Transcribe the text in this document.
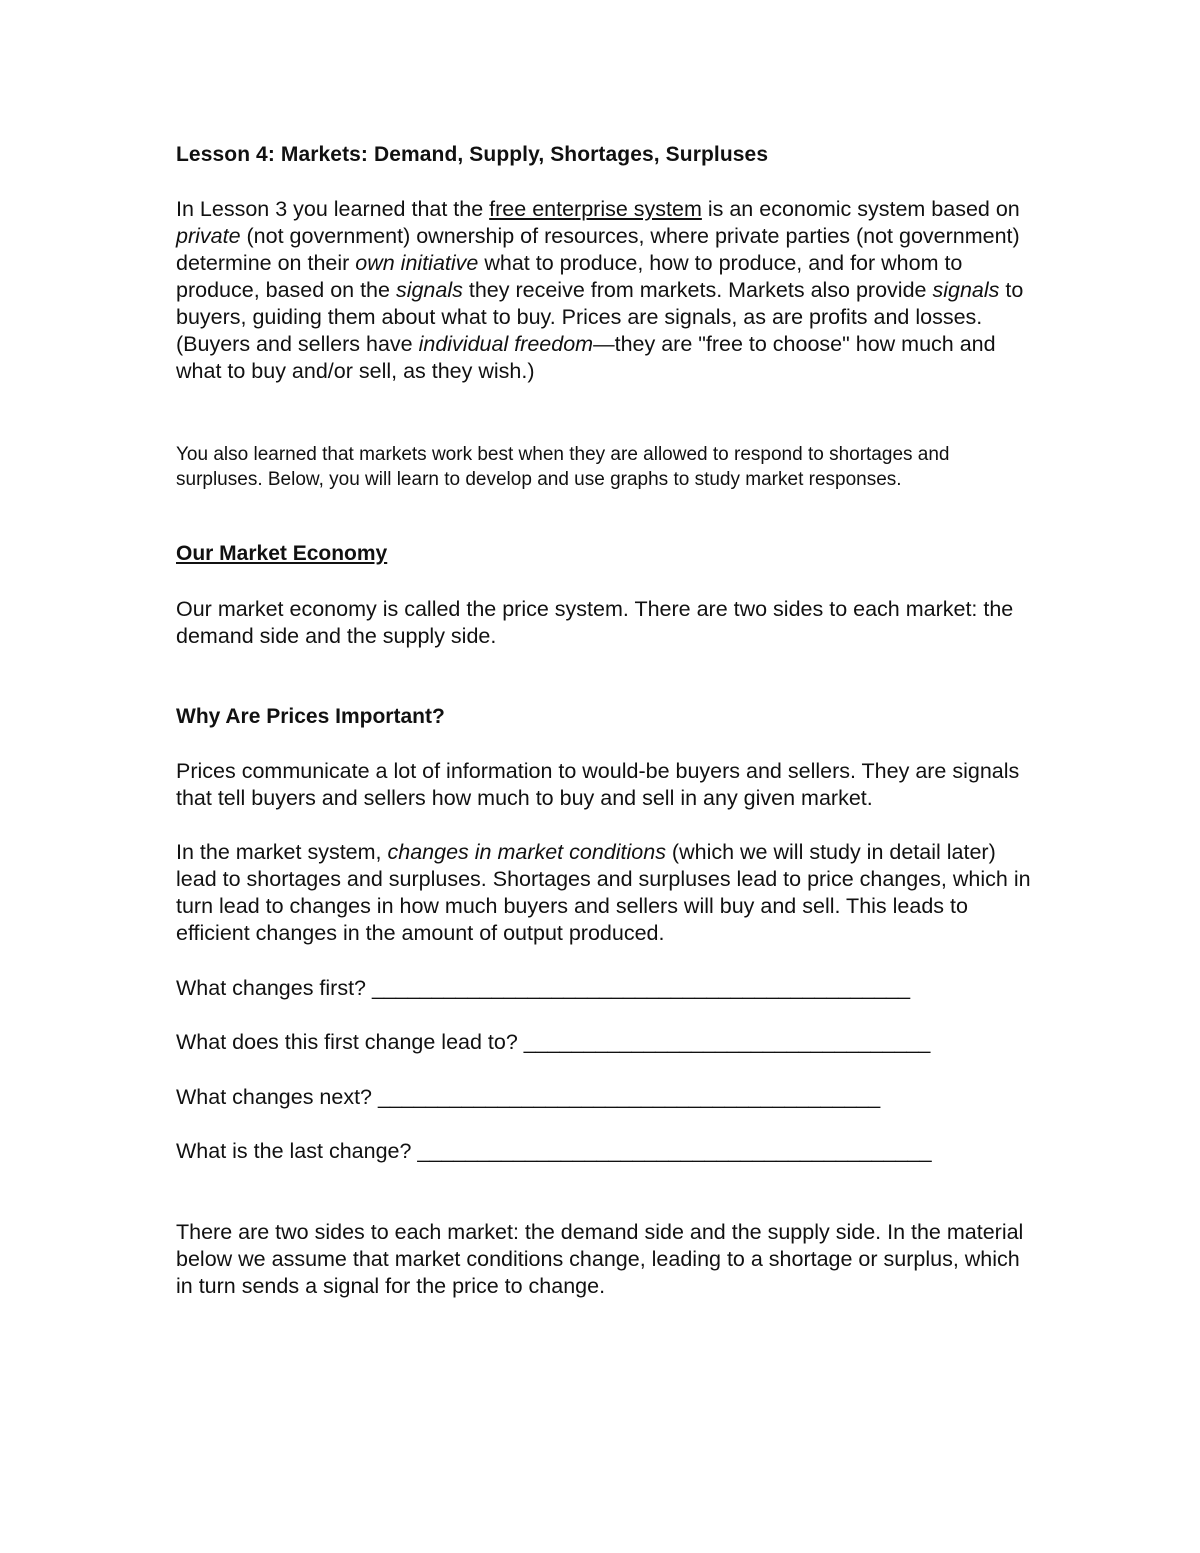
Lesson 4: Markets: Demand, Supply, Shortages, Surpluses

In Lesson 3 you learned that the free enterprise system is an economic system based on private (not government) ownership of resources, where private parties (not government) determine on their own initiative what to produce, how to produce, and for whom to produce, based on the signals they receive from markets. Markets also provide signals to buyers, guiding them about what to buy. Prices are signals, as are profits and losses. (Buyers and sellers have individual freedom—they are "free to choose" how much and what to buy and/or sell, as they wish.)

You also learned that markets work best when they are allowed to respond to shortages and surpluses. Below, you will learn to develop and use graphs to study market responses.

Our Market Economy

Our market economy is called the price system. There are two sides to each market: the demand side and the supply side.

Why Are Prices Important?

Prices communicate a lot of information to would-be buyers and sellers. They are signals that tell buyers and sellers how much to buy and sell in any given market.

In the market system, changes in market conditions (which we will study in detail later) lead to shortages and surpluses. Shortages and surpluses lead to price changes, which in turn lead to changes in how much buyers and sellers will buy and sell. This leads to efficient changes in the amount of output produced.

What changes first? _____________________________________________
What does this first change lead to? __________________________________
What changes next? __________________________________________
What is the last change? ___________________________________________

There are two sides to each market: the demand side and the supply side. In the material below we assume that market conditions change, leading to a shortage or surplus, which in turn sends a signal for the price to change.
